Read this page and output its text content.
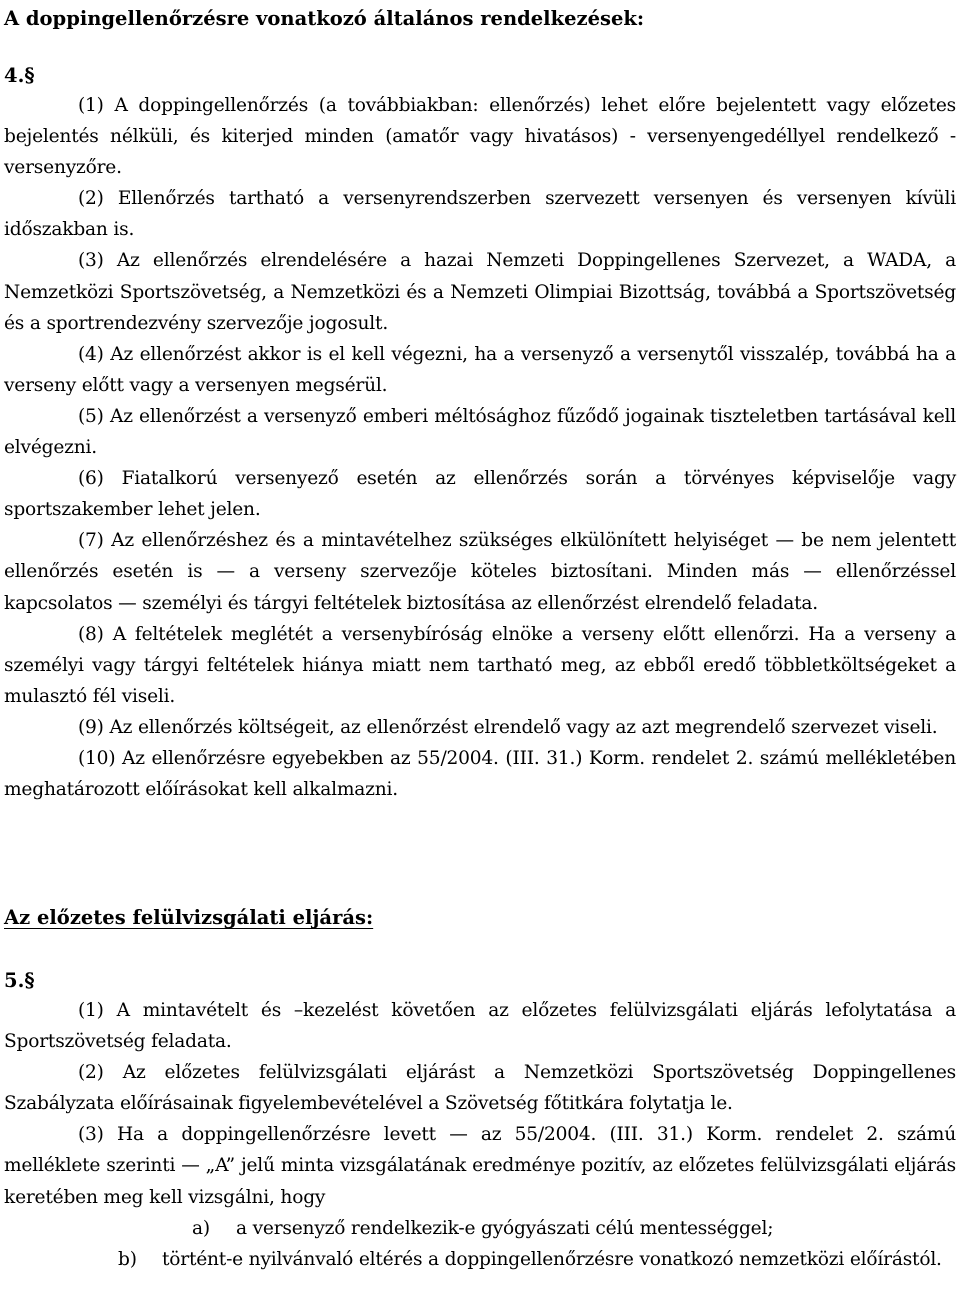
A doppingellenőrzésre vonatkozó általános rendelkezések:
4.§

(1) A doppingellenőrzés (a továbbiakban: ellenőrzés) lehet előre bejelentett vagy előzetes bejelentés nélküli, és kiterjed minden (amatőr vagy hivatásos) - versenyengedéllyel rendelkező - versenyzőre.

(2) Ellenőrzés tartható a versenyrendszerben szervezett versenyen és versenyen kívüli időszakban is.

(3) Az ellenőrzés elrendelésére a hazai Nemzeti Doppingellenes Szervezet, a WADA, a Nemzetközi Sportszövetség, a Nemzetközi és a Nemzeti Olimpiai Bizottság, továbbá a Sportszövetség és a sportrendezvény szervezője jogosult.

(4) Az ellenőrzést akkor is el kell végezni, ha a versenyző a versenytől visszalép, továbbá ha a verseny előtt vagy a versenyen megsérül.

(5) Az ellenőrzést a versenyző emberi méltósághoz fűződő jogainak tiszteletben tartásával kell elvégezni.

(6) Fiatalkorú versenyező esetén az ellenőrzés során a törvényes képviselője vagy sportszakember lehet jelen.

(7) Az ellenőrzéshez és a mintavételhez szükséges elkülönített helyiséget — be nem jelentett ellenőrzés esetén is — a verseny szervezője köteles biztosítani. Minden más — ellenőrzéssel kapcsolatos — személyi és tárgyi feltételek biztosítása az ellenőrzést elrendelő feladata.

(8) A feltételek meglétét a versenybíróság elnöke a verseny előtt ellenőrzi. Ha a verseny a személyi vagy tárgyi feltételek hiánya miatt nem tartható meg, az ebből eredő többletköltségeket a mulasztó fél viseli.

(9) Az ellenőrzés költségeit, az ellenőrzést elrendelő vagy az azt megrendelő szervezet viseli.

(10) Az ellenőrzésre egyebekben az 55/2004. (III. 31.) Korm. rendelet 2. számú mellékletében meghatározott előírásokat kell alkalmazni.

Az előzetes felülvizsgálati eljárás:
5.§

(1) A mintavételt és –kezelést követően az előzetes felülvizsgálati eljárás lefolytatása a Sportszövetség feladata.

(2) Az előzetes felülvizsgálati eljárást a Nemzetközi Sportszövetség Doppingellenes Szabályzata előírásainak figyelembevételével a Szövetség főtitkára folytatja le.

(3) Ha a doppingellenőrzésre levett — az 55/2004. (III. 31.) Korm. rendelet 2. számú melléklete szerinti — „A” jelű minta vizsgálatának eredménye pozitív, az előzetes felülvizsgálati eljárás keretében meg kell vizsgálni, hogy

a) a versenyző rendelkezik-e gyógyászati célú mentességgel;

b) történt-e nyilvánvaló eltérés a doppingellenőrzésre vonatkozó nemzetközi előírástól.
